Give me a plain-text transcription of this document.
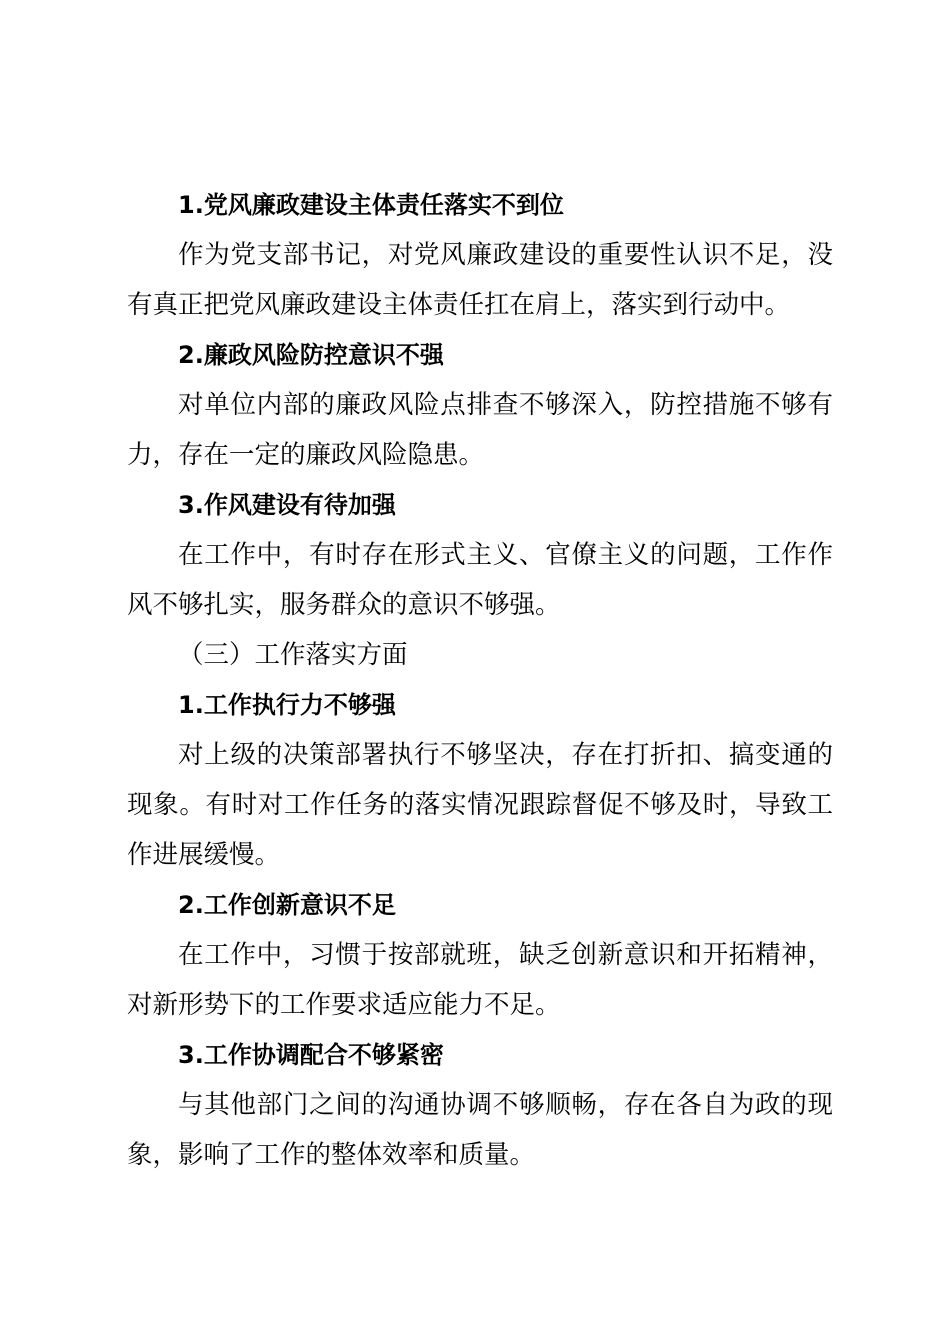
1.党风廉政建设主体责任落实不到位
作为党支部书记，对党风廉政建设的重要性认识不足，没
有真正把党风廉政建设主体责任扛在肩上，落实到行动中。
2.廉政风险防控意识不强
对单位内部的廉政风险点排查不够深入，防控措施不够有
力，存在一定的廉政风险隐患。
3.作风建设有待加强
在工作中，有时存在形式主义、官僚主义的问题，工作作
风不够扎实，服务群众的意识不够强。
（三）工作落实方面
1.工作执行力不够强
对上级的决策部署执行不够坚决，存在打折扣、搞变通的
现象。有时对工作任务的落实情况跟踪督促不够及时，导致工
作进展缓慢。
2.工作创新意识不足
在工作中，习惯于按部就班，缺乏创新意识和开拓精神，
对新形势下的工作要求适应能力不足。
3.工作协调配合不够紧密
与其他部门之间的沟通协调不够顺畅，存在各自为政的现
象，影响了工作的整体效率和质量。
